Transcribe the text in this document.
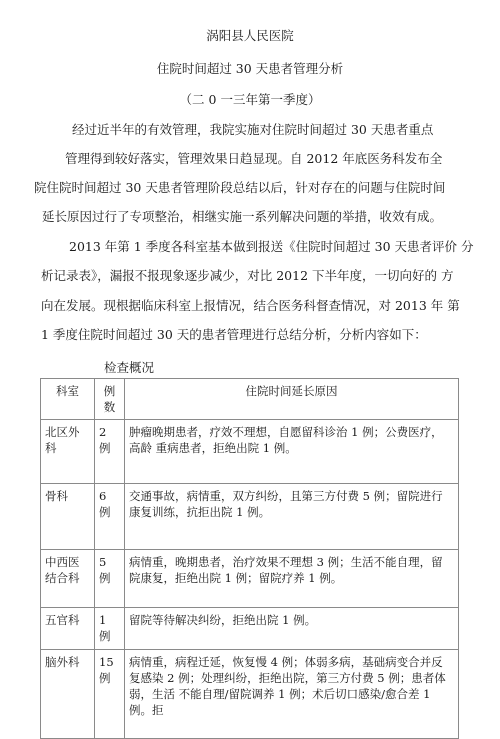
涡阳县人民医院
住院时间超过 30 天患者管理分析
（二 0 一三年第一季度）
经过近半年的有效管理，我院实施对住院时间超过 30 天患者重点
管理得到较好落实，管理效果日趋显现。自 2012 年底医务科发布全
院住院时间超过 30 天患者管理阶段总结以后，针对存在的问题与住院时间
延长原因过行了专项整治，相继实施一系列解决问题的举措，收效有成。
2013 年第 1 季度各科室基本做到报送《住院时间超过 30 天患者评价 分
析记录表》，漏报不报现象逐步减少，对比 2012 下半年度，一切向好的 方
向在发展。现根据临床科室上报情况，结合医务科督查情况，对 2013 年 第
1 季度住院时间超过 30 天的患者管理进行总结分析，分析内容如下：
检查概况
科室	例数	住院时间延长原因
北区外科	2 例	肿瘤晚期患者，疗效不理想，自愿留科诊治 1 例；公费医疗，高龄 重病患者，拒绝出院 1 例。
骨科	6 例	交通事故，病情重，双方纠纷，且第三方付费 5 例；留院进行康复训练，抗拒出院 1 例。
中西医结合科	5 例	病情重，晚期患者，治疗效果不理想 3 例；生活不能自理，留院康复，拒绝出院 1 例；留院疗养 1 例。
五官科	1 例	留院等待解决纠纷，拒绝出院 1 例。
脑外科	15 例	病情重，病程迁延，恢复慢 4 例；体弱多病，基础病变合并反复感染 2 例；处理纠纷，拒绝出院，第三方付费 5 例；患者体弱，生活 不能自理/留院调养 1 例；术后切口感染/愈合差 1 例。拒
